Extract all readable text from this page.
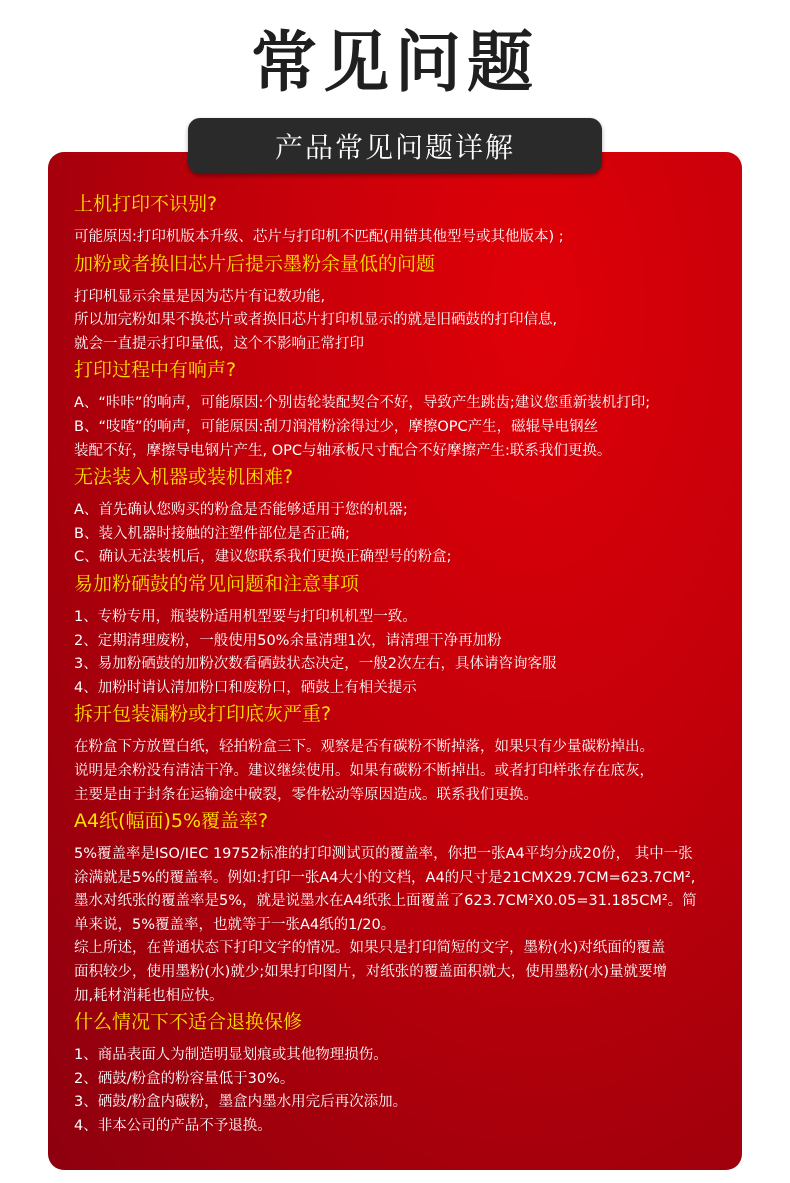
常见问题
产品常见问题详解

上机打印不识别?

可能原因:打印机版本升级、芯片与打印机不匹配(用错其他型号或其他版本) ;

加粉或者换旧芯片后提示墨粉余量低的问题

打印机显示余量是因为芯片有记数功能,

所以加完粉如果不换芯片或者换旧芯片打印机显示的就是旧硒鼓的打印信息,

就会一直提示打印量低，这个不影响正常打印

打印过程中有响声?

A、“咔咔”的响声，可能原因:个别齿轮装配契合不好，导致产生跳齿;建议您重新装机打印;

B、“吱喳”的响声，可能原因:刮刀润滑粉涂得过少，摩擦OPC产生，磁辊导电钢丝

装配不好，摩擦导电钢片产生, OPC与轴承板尺寸配合不好摩擦产生:联系我们更换。

无法装入机器或装机困难?

A、首先确认您购买的粉盒是否能够适用于您的机器;

B、装入机器时接触的注塑件部位是否正确;

C、确认无法装机后，建议您联系我们更换正确型号的粉盒;

易加粉硒鼓的常见问题和注意事项

1、专粉专用，瓶装粉适用机型要与打印机机型一致。

2、定期清理废粉，一般使用50%余量清理1次，请清理干净再加粉

3、易加粉硒鼓的加粉次数看硒鼓状态决定，一般2次左右，具体请咨询客服

4、加粉时请认清加粉口和废粉口，硒鼓上有相关提示

拆开包装漏粉或打印底灰严重?

在粉盒下方放置白纸，轻拍粉盒三下。观察是否有碳粉不断掉落，如果只有少量碳粉掉出。

说明是余粉没有清洁干净。建议继续使用。如果有碳粉不断掉出。或者打印样张存在底灰，

主要是由于封条在运输途中破裂，零件松动等原因造成。联系我们更换。

A4纸(幅面)5%覆盖率?

5%覆盖率是ISO/IEC 19752标准的打印测试页的覆盖率，你把一张A4平均分成20份， 其中一张

涂满就是5%的覆盖率。例如:打印一张A4大小的文档，A4的尺寸是21CMX29.7CM=623.7CM²,

墨水对纸张的覆盖率是5%，就是说墨水在A4纸张上面覆盖了623.7CM²X0.05=31.185CM²。简

单来说，5%覆盖率，也就等于一张A4纸的1/20。

综上所述，在普通状态下打印文字的情况。如果只是打印简短的文字，墨粉(水)对纸面的覆盖

面积较少，使用墨粉(水)就少;如果打印图片，对纸张的覆盖面积就大，使用墨粉(水)量就要增

加,耗材消耗也相应快。

什么情况下不适合退换保修

1、商品表面人为制造明显划痕或其他物理损伤。

2、硒鼓/粉盒的粉容量低于30%。

3、硒鼓/粉盒内碳粉，墨盒内墨水用完后再次添加。

4、非本公司的产品不予退换。
